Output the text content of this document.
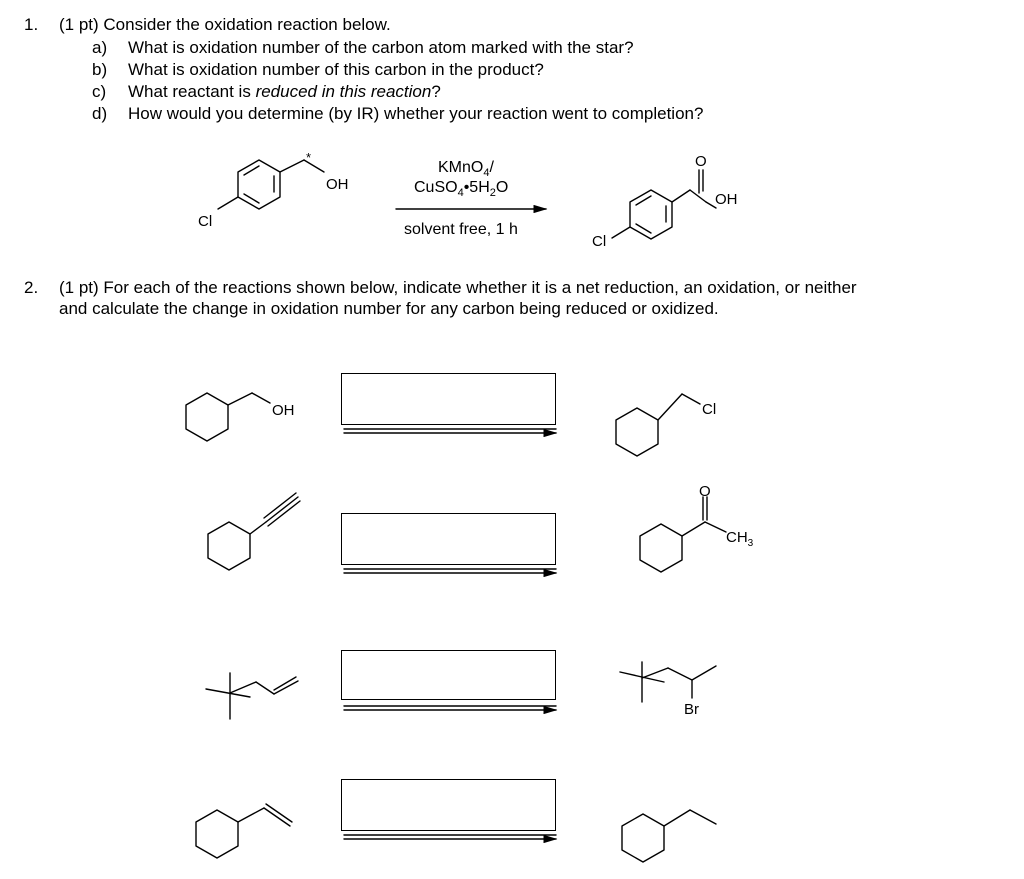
1. (1 pt) Consider the oxidation reaction below.
a) What is oxidation number of the carbon atom marked with the star?
b) What is oxidation number of this carbon in the product?
c) What reactant is reduced in this reaction?
d) How would you determine (by IR) whether your reaction went to completion?
KMnO$_4$/
$CuSO_4•5H_2O$
solvent free, 1 h
2. (1 pt) For each of the reactions shown below, indicate whether it is a net reduction, an oxidation, or neither
and calculate the change in oxidation number for any carbon being reduced or oxidized.
*
OH
Cl
O
OH
Cl
OH	Cl
O
$CH_3$
Br
